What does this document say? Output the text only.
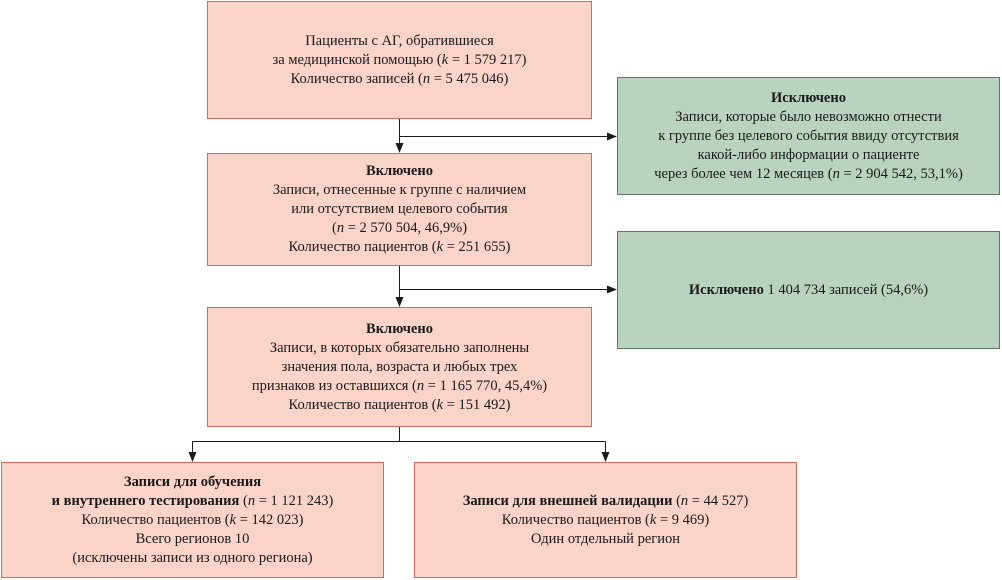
Пациенты с АГ, обратившиеся
за медицинской помощью (k = 1 579 217)
Количество записей (n = 5 475 046)
Исключено
Записи, которые было невозможно отнести
к группе без целевого события ввиду отсутствия
какой-либо информации о пациенте
через более чем 12 месяцев (n = 2 904 542, 53,1%)
Включено
Записи, отнесенные к группе с наличием
или отсутствием целевого события
(n = 2 570 504, 46,9%)
Количество пациентов (k = 251 655)
Исключено 1 404 734 записей (54,6%)
Включено
Записи, в которых обязательно заполнены
значения пола, возраста и любых трех
признаков из оставшихся (n = 1 165 770, 45,4%)
Количество пациентов (k = 151 492)
Записи для обучения
и внутреннего тестирования (n = 1 121 243)
Количество пациентов (k = 142 023)
Всего регионов 10
(исключены записи из одного региона)
Записи для внешней валидации (n = 44 527)
Количество пациентов (k = 9 469)
Один отдельный регион
